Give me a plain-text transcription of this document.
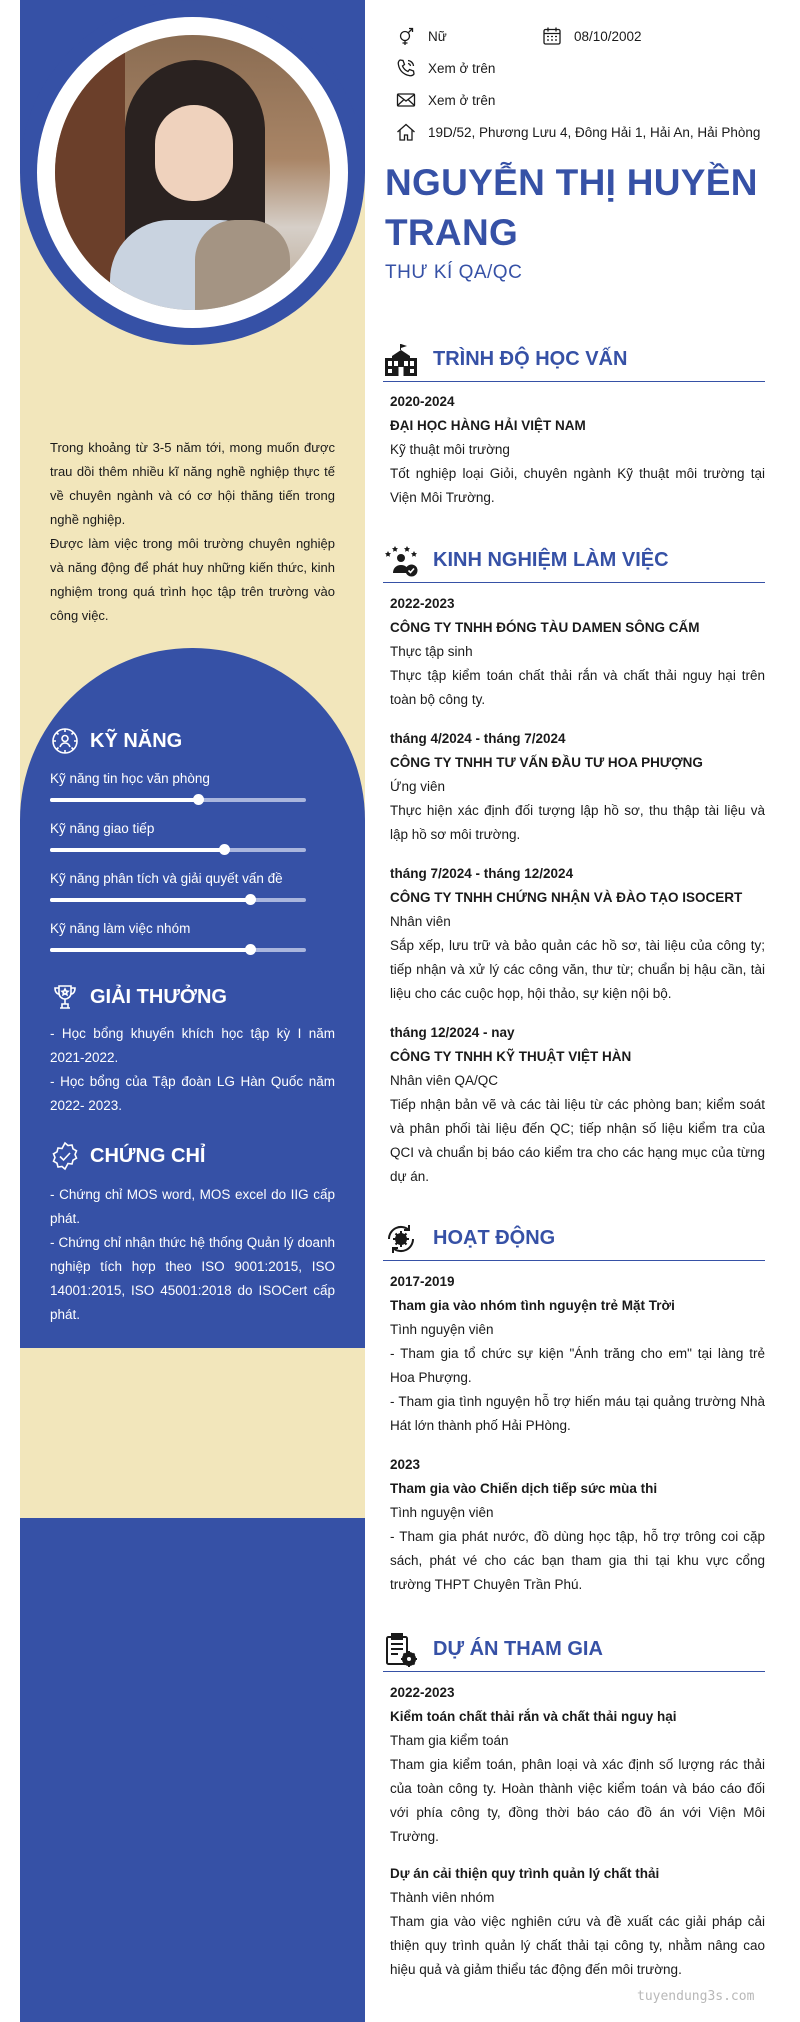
Trong khoảng từ 3-5 năm tới, mong muốn được trau dồi thêm nhiều kĩ năng nghề nghiệp thực tế về chuyên ngành và có cơ hội thăng tiến trong nghề nghiệp.

Được làm việc trong môi trường chuyên nghiệp và năng động để phát huy những kiến thức, kinh nghiệm trong quá trình học tập trên trường vào công việc.

KỸ NĂNG
Kỹ năng tin học văn phòng
Kỹ năng giao tiếp
Kỹ năng phân tích và giải quyết vấn đề
Kỹ năng làm việc nhóm
GIẢI THƯỞNG
- Học bổng khuyến khích học tập kỳ I năm 2021-2022.
- Học bổng của Tập đoàn LG Hàn Quốc năm 2022- 2023.
CHỨNG CHỈ
- Chứng chỉ MOS word, MOS excel do IIG cấp phát.
- Chứng chỉ nhận thức hệ thống Quản lý doanh nghiệp tích hợp theo ISO 9001:2015, ISO 14001:2015, ISO 45001:2018 do ISOCert cấp phát.
Nữ	08/10/2002
Xem ở trên
Xem ở trên
19D/52, Phương Lưu 4, Đông Hải 1, Hải An, Hải Phòng
NGUYỄN THỊ HUYỀN
TRANG
THƯ KÍ QA/QC
TRÌNH ĐỘ HỌC VẤN
2020-2024
ĐẠI HỌC HÀNG HẢI VIỆT NAM
Kỹ thuật môi trường
Tốt nghiệp loại Giỏi, chuyên ngành Kỹ thuật môi trường tại Viện Môi Trường.
KINH NGHIỆM LÀM VIỆC
2022-2023
CÔNG TY TNHH ĐÓNG TÀU DAMEN SÔNG CẤM
Thực tập sinh
Thực tập kiểm toán chất thải rắn và chất thải nguy hại trên toàn bộ công ty.
tháng 4/2024 - tháng 7/2024
CÔNG TY TNHH TƯ VẤN ĐẦU TƯ HOA PHƯỢNG
Ứng viên
Thực hiện xác định đối tượng lập hồ sơ, thu thập tài liệu và lập hồ sơ môi trường.
tháng 7/2024 - tháng 12/2024
CÔNG TY TNHH CHỨNG NHẬN VÀ ĐÀO TẠO ISOCERT
Nhân viên
Sắp xếp, lưu trữ và bảo quản các hồ sơ, tài liệu của công ty; tiếp nhận và xử lý các công văn, thư từ; chuẩn bị hậu cần, tài liệu cho các cuộc họp, hội thảo, sự kiện nội bộ.
tháng 12/2024 - nay
CÔNG TY TNHH KỸ THUẬT VIỆT HÀN
Nhân viên QA/QC
Tiếp nhận bản vẽ và các tài liệu từ các phòng ban; kiểm soát và phân phối tài liệu đến QC; tiếp nhận số liệu kiểm tra của QCI và chuẩn bị báo cáo kiểm tra cho các hạng mục của từng dự án.
HOẠT ĐỘNG
2017-2019
Tham gia vào nhóm tình nguyện trẻ Mặt Trời
Tình nguyện viên
- Tham gia tổ chức sự kiện "Ánh trăng cho em" tại làng trẻ Hoa Phượng.
- Tham gia tình nguyện hỗ trợ hiến máu tại quảng trường Nhà Hát lớn thành phố Hải PHòng.
2023
Tham gia vào Chiến dịch tiếp sức mùa thi
Tình nguyện viên
- Tham gia phát nước, đồ dùng học tập, hỗ trợ trông coi cặp sách, phát vé cho các bạn tham gia thi tại khu vực cổng trường THPT Chuyên Trần Phú.
DỰ ÁN THAM GIA
2022-2023
Kiểm toán chất thải rắn và chất thải nguy hại
Tham gia kiểm toán
Tham gia kiểm toán, phân loại và xác định số lượng rác thải của toàn công ty. Hoàn thành việc kiểm toán và báo cáo đối với phía công ty, đồng thời báo cáo đồ án với Viện Môi Trường.
Dự án cải thiện quy trình quản lý chất thải
Thành viên nhóm
Tham gia vào việc nghiên cứu và đề xuất các giải pháp cải thiện quy trình quản lý chất thải tại công ty, nhằm nâng cao hiệu quả và giảm thiểu tác động đến môi trường.
tuyendung3s.com
